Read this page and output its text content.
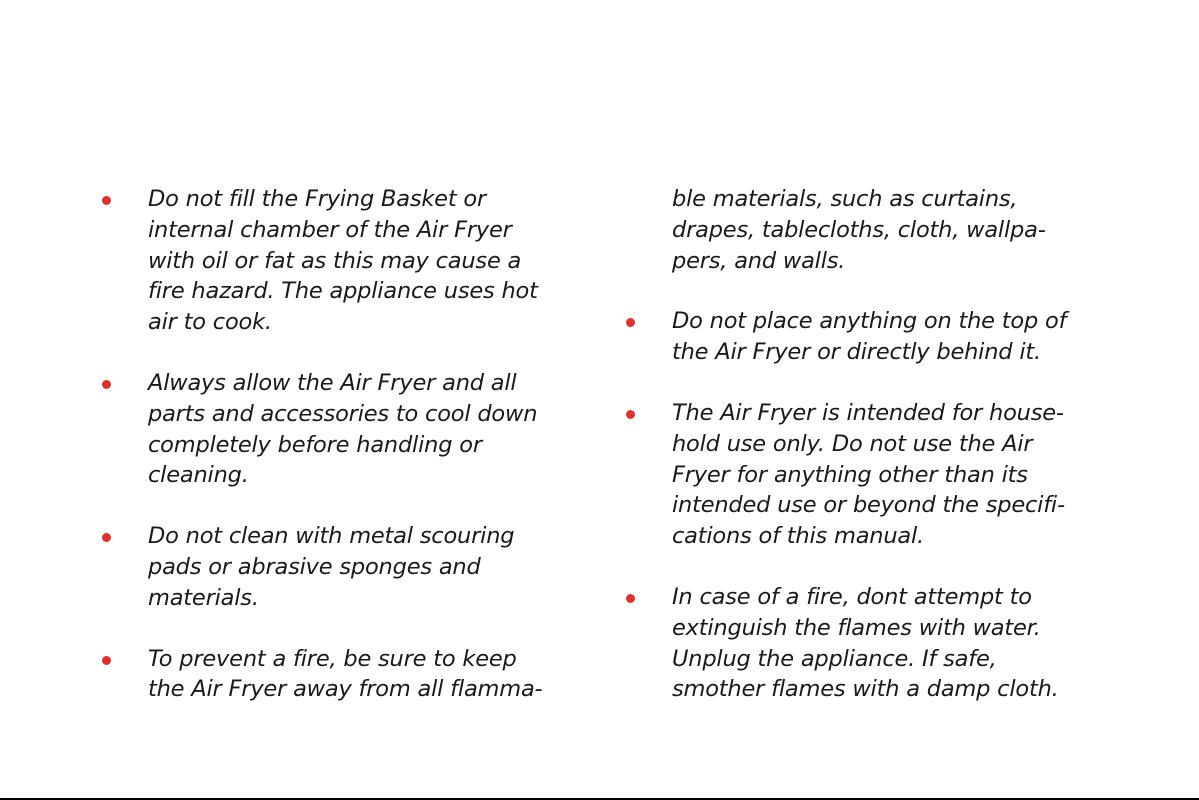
Do not fill the Frying Basket or
internal chamber of the Air Fryer
with oil or fat as this may cause a
fire hazard. The appliance uses hot
air to cook.
Always allow the Air Fryer and all
parts and accessories to cool down
completely before handling or
cleaning.
Do not clean with metal scouring
pads or abrasive sponges and
materials.
To prevent a fire, be sure to keep
the Air Fryer away from all flamma-
ble materials, such as curtains,
drapes, tablecloths, cloth, wallpa-
pers, and walls.
Do not place anything on the top of
the Air Fryer or directly behind it.
The Air Fryer is intended for house-
hold use only. Do not use the Air
Fryer for anything other than its
intended use or beyond the specifi-
cations of this manual.
In case of a fire, dont attempt to
extinguish the flames with water.
Unplug the appliance. If safe,
smother flames with a damp cloth.
